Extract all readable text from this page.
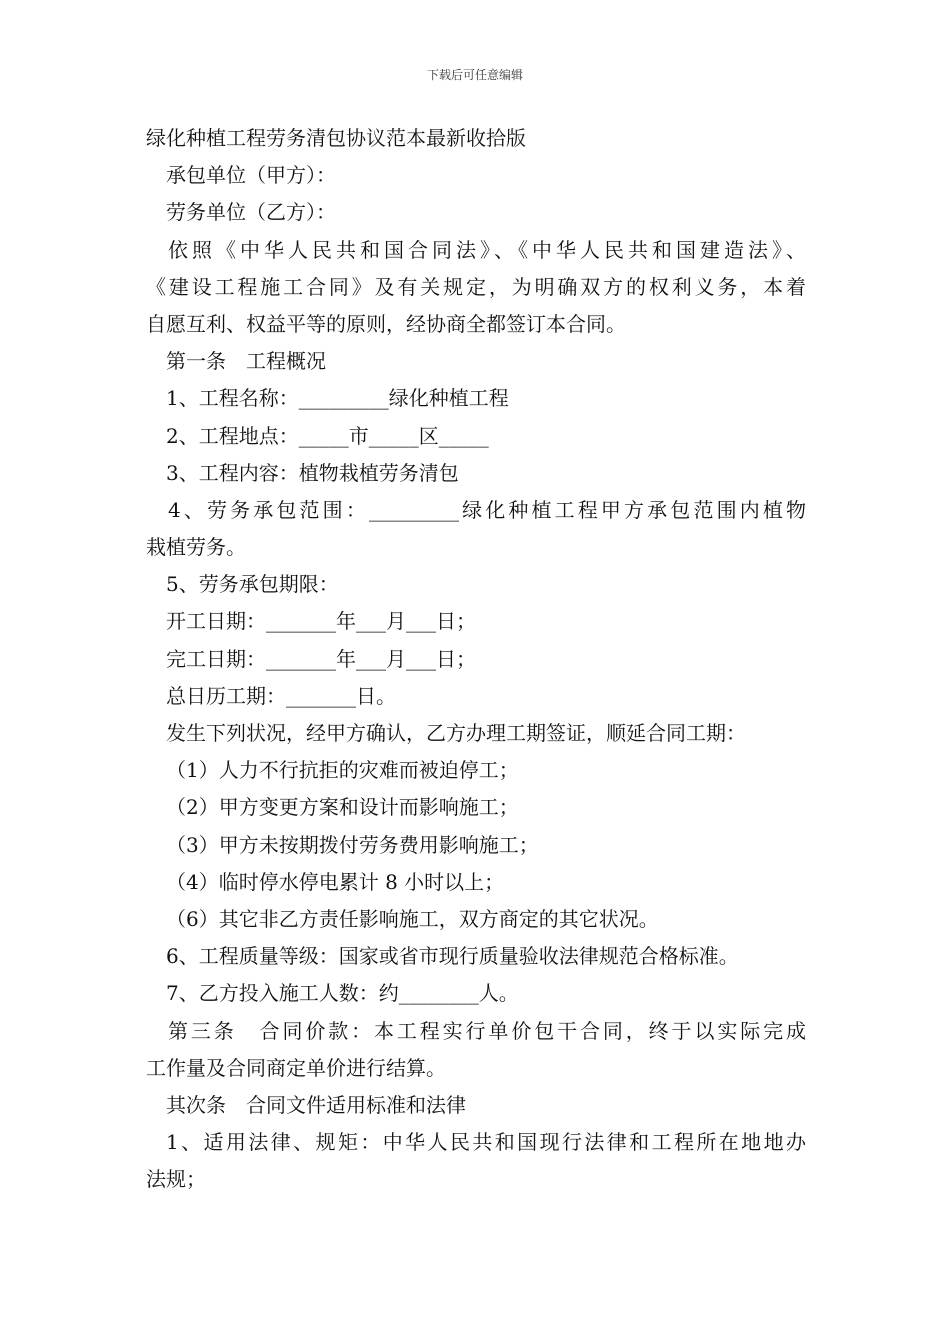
下载后可任意编辑
绿化种植工程劳务清包协议范本最新收拾版
承包单位（甲方）：
劳务单位（乙方）：
依照《中华人民共和国合同法》、《中华人民共和国建造法》、
《建设工程施工合同》及有关规定，为明确双方的权利义务，本着
自愿互利、权益平等的原则，经协商全都签订本合同。
第一条　工程概况
1、工程名称：_________绿化种植工程
2、工程地点：_____市_____区_____
3、工程内容：植物栽植劳务清包
4、劳务承包范围：_________绿化种植工程甲方承包范围内植物
栽植劳务。
5、劳务承包期限：
开工日期：_______年___月___日；
完工日期：_______年___月___日；
总日历工期：_______日。
发生下列状况，经甲方确认，乙方办理工期签证，顺延合同工期：
（1）人力不行抗拒的灾难而被迫停工；
（2）甲方变更方案和设计而影响施工；
（3）甲方未按期拨付劳务费用影响施工；
（4）临时停水停电累计 8 小时以上；
（6）其它非乙方责任影响施工，双方商定的其它状况。
6、工程质量等级：国家或省市现行质量验收法律规范合格标准。
7、乙方投入施工人数：约________人。
第三条　合同价款：本工程实行单价包干合同，终于以实际完成
工作量及合同商定单价进行结算。
其次条　合同文件适用标准和法律
1、适用法律、规矩：中华人民共和国现行法律和工程所在地地办
法规；
